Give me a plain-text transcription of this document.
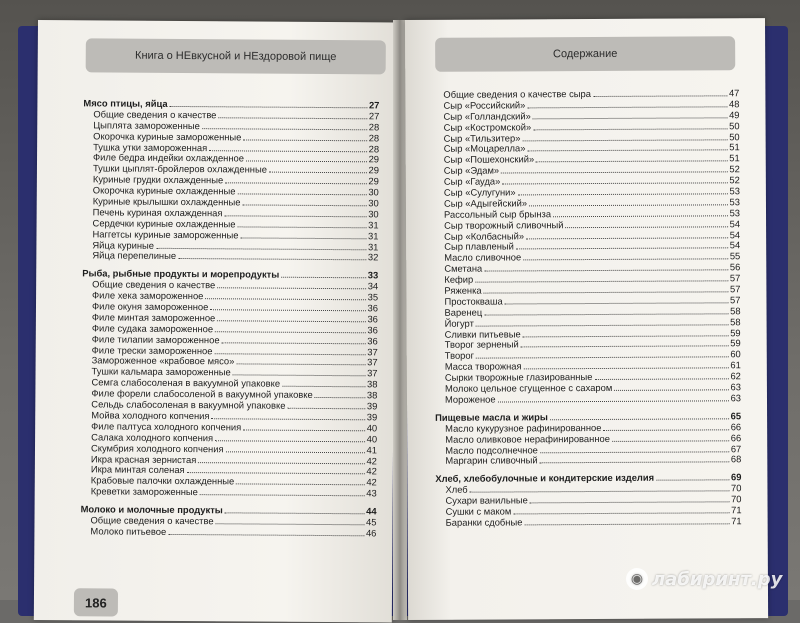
Книга о НЕвкусной и НЕздоровой пище
Мясо птицы, яйца	27
Общие сведения о качестве	27
Цыплята замороженные	28
Окорочка куриные замороженные	28
Тушка утки замороженная	28
Филе бедра индейки охлажденное	29
Тушки цыплят-бройлеров охлажденные	29
Куриные грудки охлажденные	29
Окорочка куриные охлажденные	30
Куриные крылышки охлажденные	30
Печень куриная охлажденная	30
Сердечки куриные охлажденные	31
Наггетсы куриные замороженные	31
Яйца куриные	31
Яйца перепелиные	32
Рыба, рыбные продукты и морепродукты	33
Общие сведения о качестве	34
Филе хека замороженное	35
Филе окуня замороженное	36
Филе минтая замороженное	36
Филе судака замороженное	36
Филе тилапии замороженное	36
Филе трески замороженное	37
Замороженное «крабовое мясо»	37
Тушки кальмара замороженные	37
Семга слабосоленая в вакуумной упаковке	38
Филе форели слабосоленой в вакуумной упаковке	38
Сельдь слабосоленая в вакуумной упаковке	39
Мойва холодного копчения	39
Филе палтуса холодного копчения	40
Салака холодного копчения	40
Скумбрия холодного копчения	41
Икра красная зернистая	42
Икра минтая соленая	42
Крабовые палочки охлажденные	42
Креветки замороженные	43
Молоко и молочные продукты	44
Общие сведения о качестве	45
Молоко питьевое	46
186
Содержание
Общие сведения о качестве сыра	47
Сыр «Российский»	48
Сыр «Голландский»	49
Сыр «Костромской»	50
Сыр «Тильзитер»	50
Сыр «Моцарелла»	51
Сыр «Пошехонский»	51
Сыр «Эдам»	52
Сыр «Гауда»	52
Сыр «Сулугуни»	53
Сыр «Адыгейский»	53
Рассольный сыр брынза	53
Сыр творожный сливочный	54
Сыр «Колбасный»	54
Сыр плавленый	54
Масло сливочное	55
Сметана	56
Кефир	57
Ряженка	57
Простокваша	57
Варенец	58
Йогурт	58
Сливки питьевые	59
Творог зерненый	59
Творог	60
Масса творожная	61
Сырки творожные глазированные	62
Молоко цельное сгущенное с сахаром	63
Мороженое	63
Пищевые масла и жиры	65
Масло кукурузное рафинированное	66
Масло оливковое нерафинированное	66
Масло подсолнечное	67
Маргарин сливочный	68
Хлеб, хлебобулочные и кондитерские изделия	69
Хлеб	70
Сухари ванильные	70
Сушки с маком	71
Баранки сдобные	71
◉ лабиринт.ру
